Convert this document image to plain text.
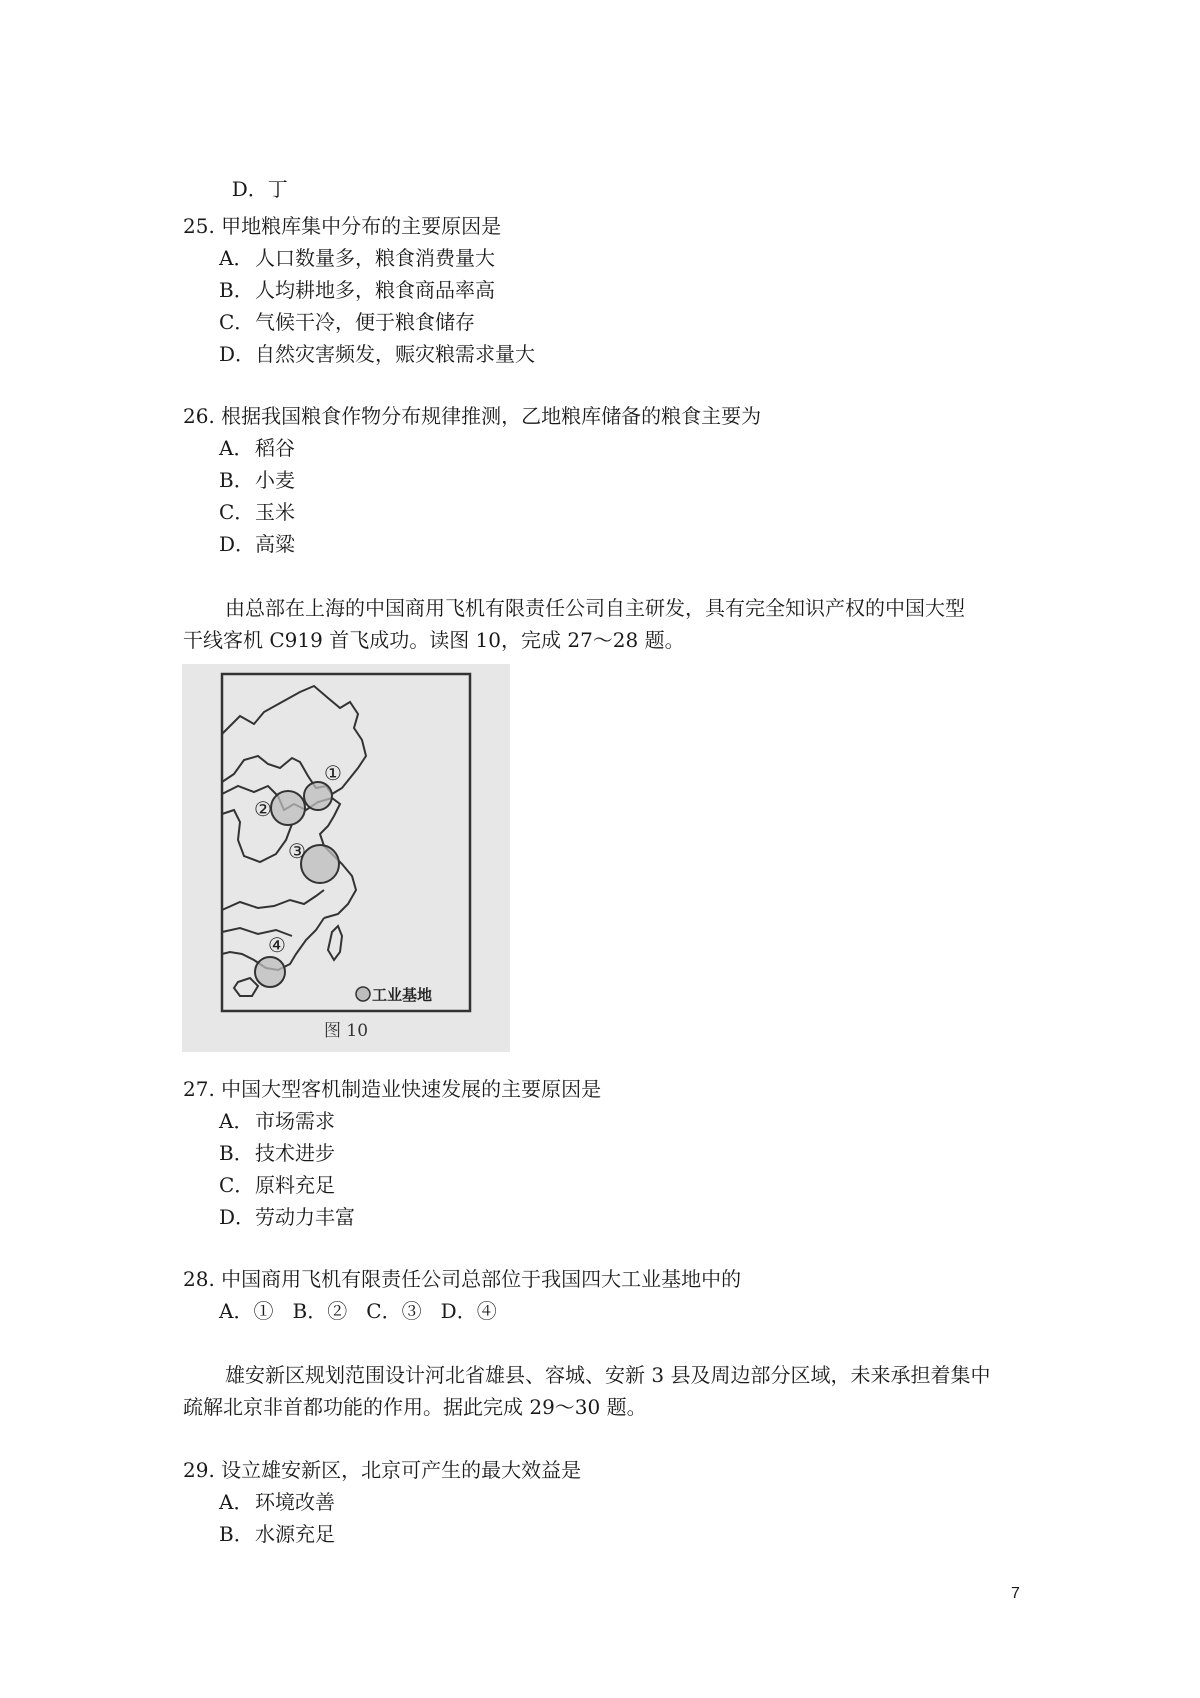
D．丁

25. 甲地粮库集中分布的主要原因是
A．人口数量多，粮食消费量大
B．人均耕地多，粮食商品率高
C．气候干冷，便于粮食储存
D．自然灾害频发，赈灾粮需求量大
26. 根据我国粮食作物分布规律推测，乙地粮库储备的粮食主要为
A．稻谷
B．小麦
C．玉米
D．高粱
由总部在上海的中国商用飞机有限责任公司自主研发，具有完全知识产权的中国大型
干线客机 C919 首飞成功。读图 10，完成 27～28 题。
①
②
③
④
工业基地
图 10
27. 中国大型客机制造业快速发展的主要原因是
A．市场需求
B．技术进步
C．原料充足
D．劳动力丰富
28. 中国商用飞机有限责任公司总部位于我国四大工业基地中的
A．①   B．②   C．③   D．④
雄安新区规划范围设计河北省雄县、容城、安新 3 县及周边部分区域，未来承担着集中
疏解北京非首都功能的作用。据此完成 29～30 题。
29. 设立雄安新区，北京可产生的最大效益是
A．环境改善
B．水源充足
7
